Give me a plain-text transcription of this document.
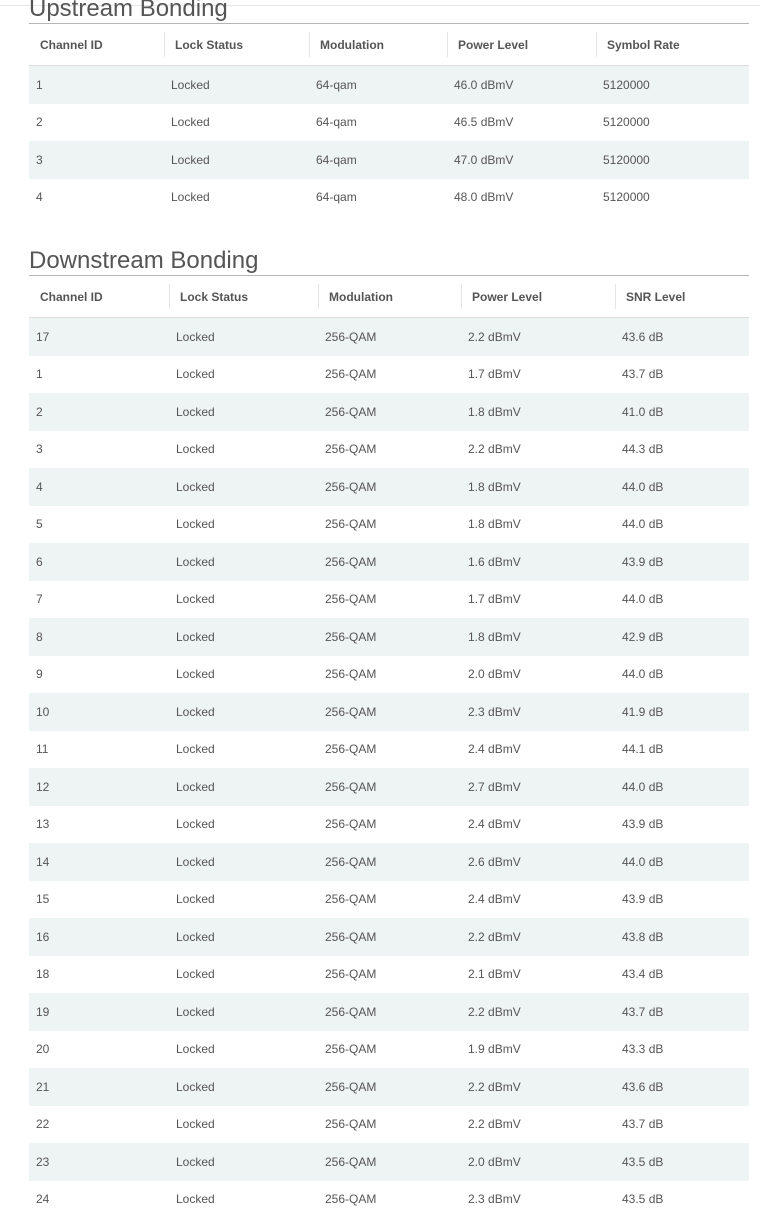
Upstream Bonding
Channel ID	Lock Status	Modulation	Power Level	Symbol Rate
1	Locked	64-qam	46.0 dBmV	5120000
2	Locked	64-qam	46.5 dBmV	5120000
3	Locked	64-qam	47.0 dBmV	5120000
4	Locked	64-qam	48.0 dBmV	5120000
Downstream Bonding
Channel ID	Lock Status	Modulation	Power Level	SNR Level
17	Locked	256-QAM	2.2 dBmV	43.6 dB
1	Locked	256-QAM	1.7 dBmV	43.7 dB
2	Locked	256-QAM	1.8 dBmV	41.0 dB
3	Locked	256-QAM	2.2 dBmV	44.3 dB
4	Locked	256-QAM	1.8 dBmV	44.0 dB
5	Locked	256-QAM	1.8 dBmV	44.0 dB
6	Locked	256-QAM	1.6 dBmV	43.9 dB
7	Locked	256-QAM	1.7 dBmV	44.0 dB
8	Locked	256-QAM	1.8 dBmV	42.9 dB
9	Locked	256-QAM	2.0 dBmV	44.0 dB
10	Locked	256-QAM	2.3 dBmV	41.9 dB
11	Locked	256-QAM	2.4 dBmV	44.1 dB
12	Locked	256-QAM	2.7 dBmV	44.0 dB
13	Locked	256-QAM	2.4 dBmV	43.9 dB
14	Locked	256-QAM	2.6 dBmV	44.0 dB
15	Locked	256-QAM	2.4 dBmV	43.9 dB
16	Locked	256-QAM	2.2 dBmV	43.8 dB
18	Locked	256-QAM	2.1 dBmV	43.4 dB
19	Locked	256-QAM	2.2 dBmV	43.7 dB
20	Locked	256-QAM	1.9 dBmV	43.3 dB
21	Locked	256-QAM	2.2 dBmV	43.6 dB
22	Locked	256-QAM	2.2 dBmV	43.7 dB
23	Locked	256-QAM	2.0 dBmV	43.5 dB
24	Locked	256-QAM	2.3 dBmV	43.5 dB
